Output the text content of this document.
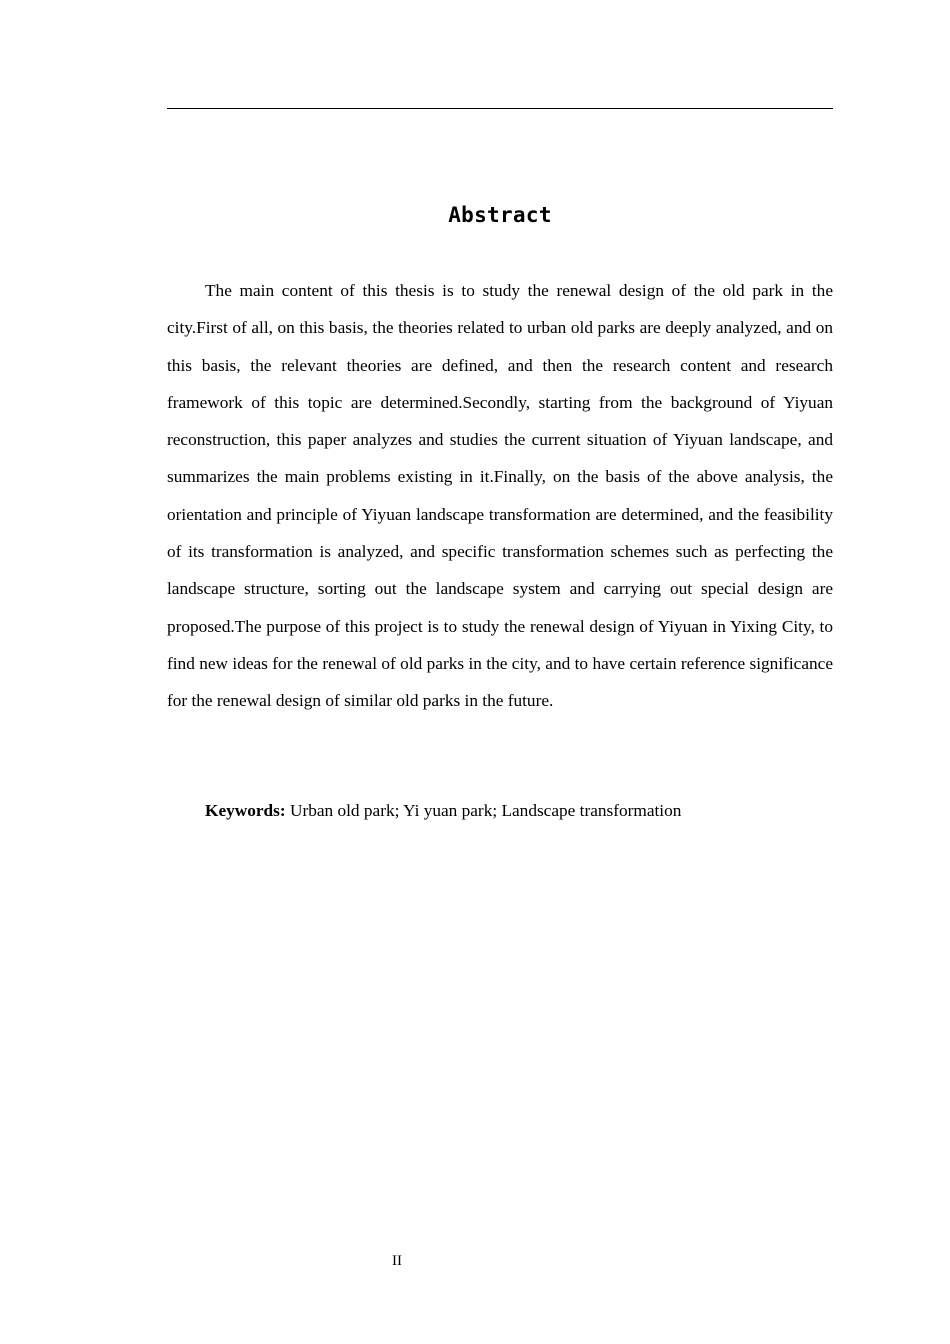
Abstract

The main content of this thesis is to study the renewal design of the old park in the city.First of all, on this basis, the theories related to urban old parks are deeply analyzed, and on this basis, the relevant theories are defined, and then the research content and research framework of this topic are determined.Secondly, starting from the background of Yiyuan reconstruction, this paper analyzes and studies the current situation of Yiyuan landscape, and summarizes the main problems existing in it.Finally, on the basis of the above analysis, the orientation and principle of Yiyuan landscape transformation are determined, and the feasibility of its transformation is analyzed, and specific transformation schemes such as perfecting the landscape structure, sorting out the landscape system and carrying out special design are proposed.The purpose of this project is to study the renewal design of Yiyuan in Yixing City, to find new ideas for the renewal of old parks in the city, and to have certain reference significance for the renewal design of similar old parks in the future.

Keywords: Urban old park; Yi yuan park; Landscape transformation

II
